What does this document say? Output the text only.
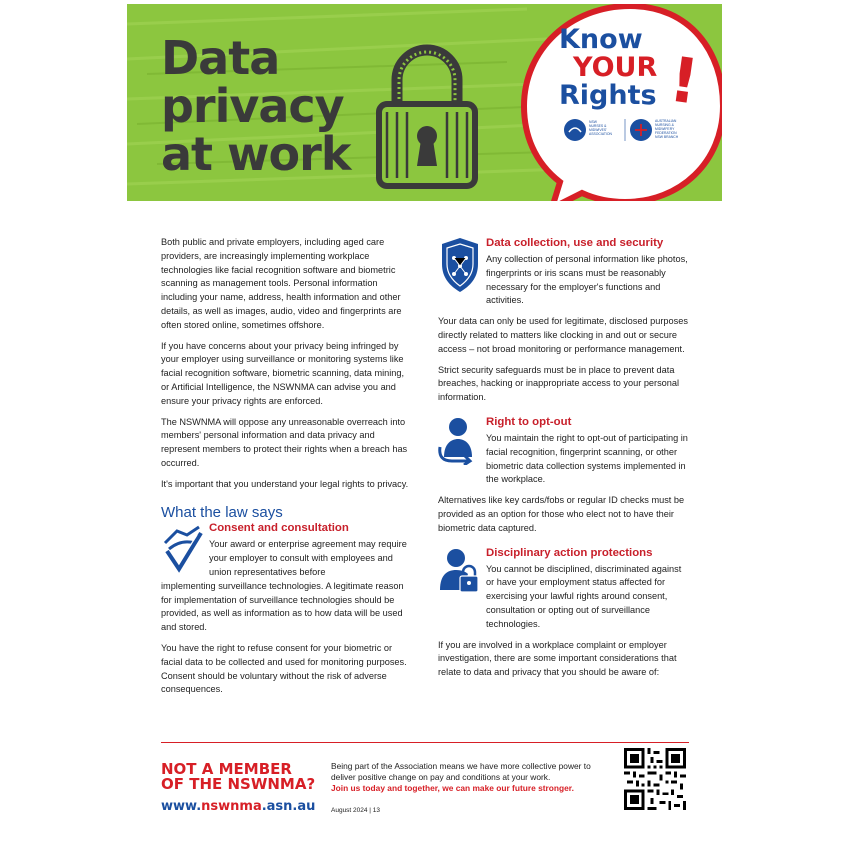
Data
privacy
at work
Know
YOUR
Rights !
NSW
NURSES &
MIDWIVES'
ASSOCIATION
AUSTRALIAN
NURSING &
MIDWIFERY
FEDERATION
NSW BRANCH

Both public and private employers, including aged care providers, are increasingly implementing workplace technologies like facial recognition software and biometric scanning as management tools. Personal information including your name, address, health information and other details, as well as images, audio, video and fingerprints are often stored online, sometimes offshore.

If you have concerns about your privacy being infringed by your employer using surveillance or monitoring systems like facial recognition software, biometric scanning, data mining, or Artificial Intelligence, the NSWNMA can advise you and ensure your privacy rights are enforced.

The NSWNMA will oppose any unreasonable overreach into members' personal information and data privacy and represent members to protect their rights when a breach has occurred.

It's important that you understand your legal rights to privacy.

What the law says
Consent and consultation

Your award or enterprise agreement may require your employer to consult with employees and union representatives before

implementing surveillance technologies. A legitimate reason for implementation of surveillance technologies should be provided, as well as information as to how data will be used and stored.

You have the right to refuse consent for your biometric or facial data to be collected and used for monitoring purposes. Consent should be voluntary without the risk of adverse consequences.

Data collection, use and security

Any collection of personal information like photos, fingerprints or iris scans must be reasonably necessary for the employer's functions and activities.

Your data can only be used for legitimate, disclosed purposes directly related to matters like clocking in and out or secure access – not broad monitoring or performance management.

Strict security safeguards must be in place to prevent data breaches, hacking or inappropriate access to your personal information.

Right to opt-out

You maintain the right to opt-out of participating in facial recognition, fingerprint scanning, or other biometric data collection systems implemented in the workplace.

Alternatives like key cards/fobs or regular ID checks must be provided as an option for those who elect not to have their biometric data captured.

Disciplinary action protections

You cannot be disciplined, discriminated against or have your employment status affected for exercising your lawful rights around consent, consultation or opting out of surveillance technologies.

If you are involved in a workplace complaint or employer investigation, there are some important considerations that relate to data and privacy that you should be aware of:

NOT A MEMBER
OF THE NSWNMA?
www.nswnma.asn.au
Being part of the Association means we have more collective power to deliver positive change on pay and conditions at your work.
Join us today and together, we can make our future stronger.
August 2024 | 13
